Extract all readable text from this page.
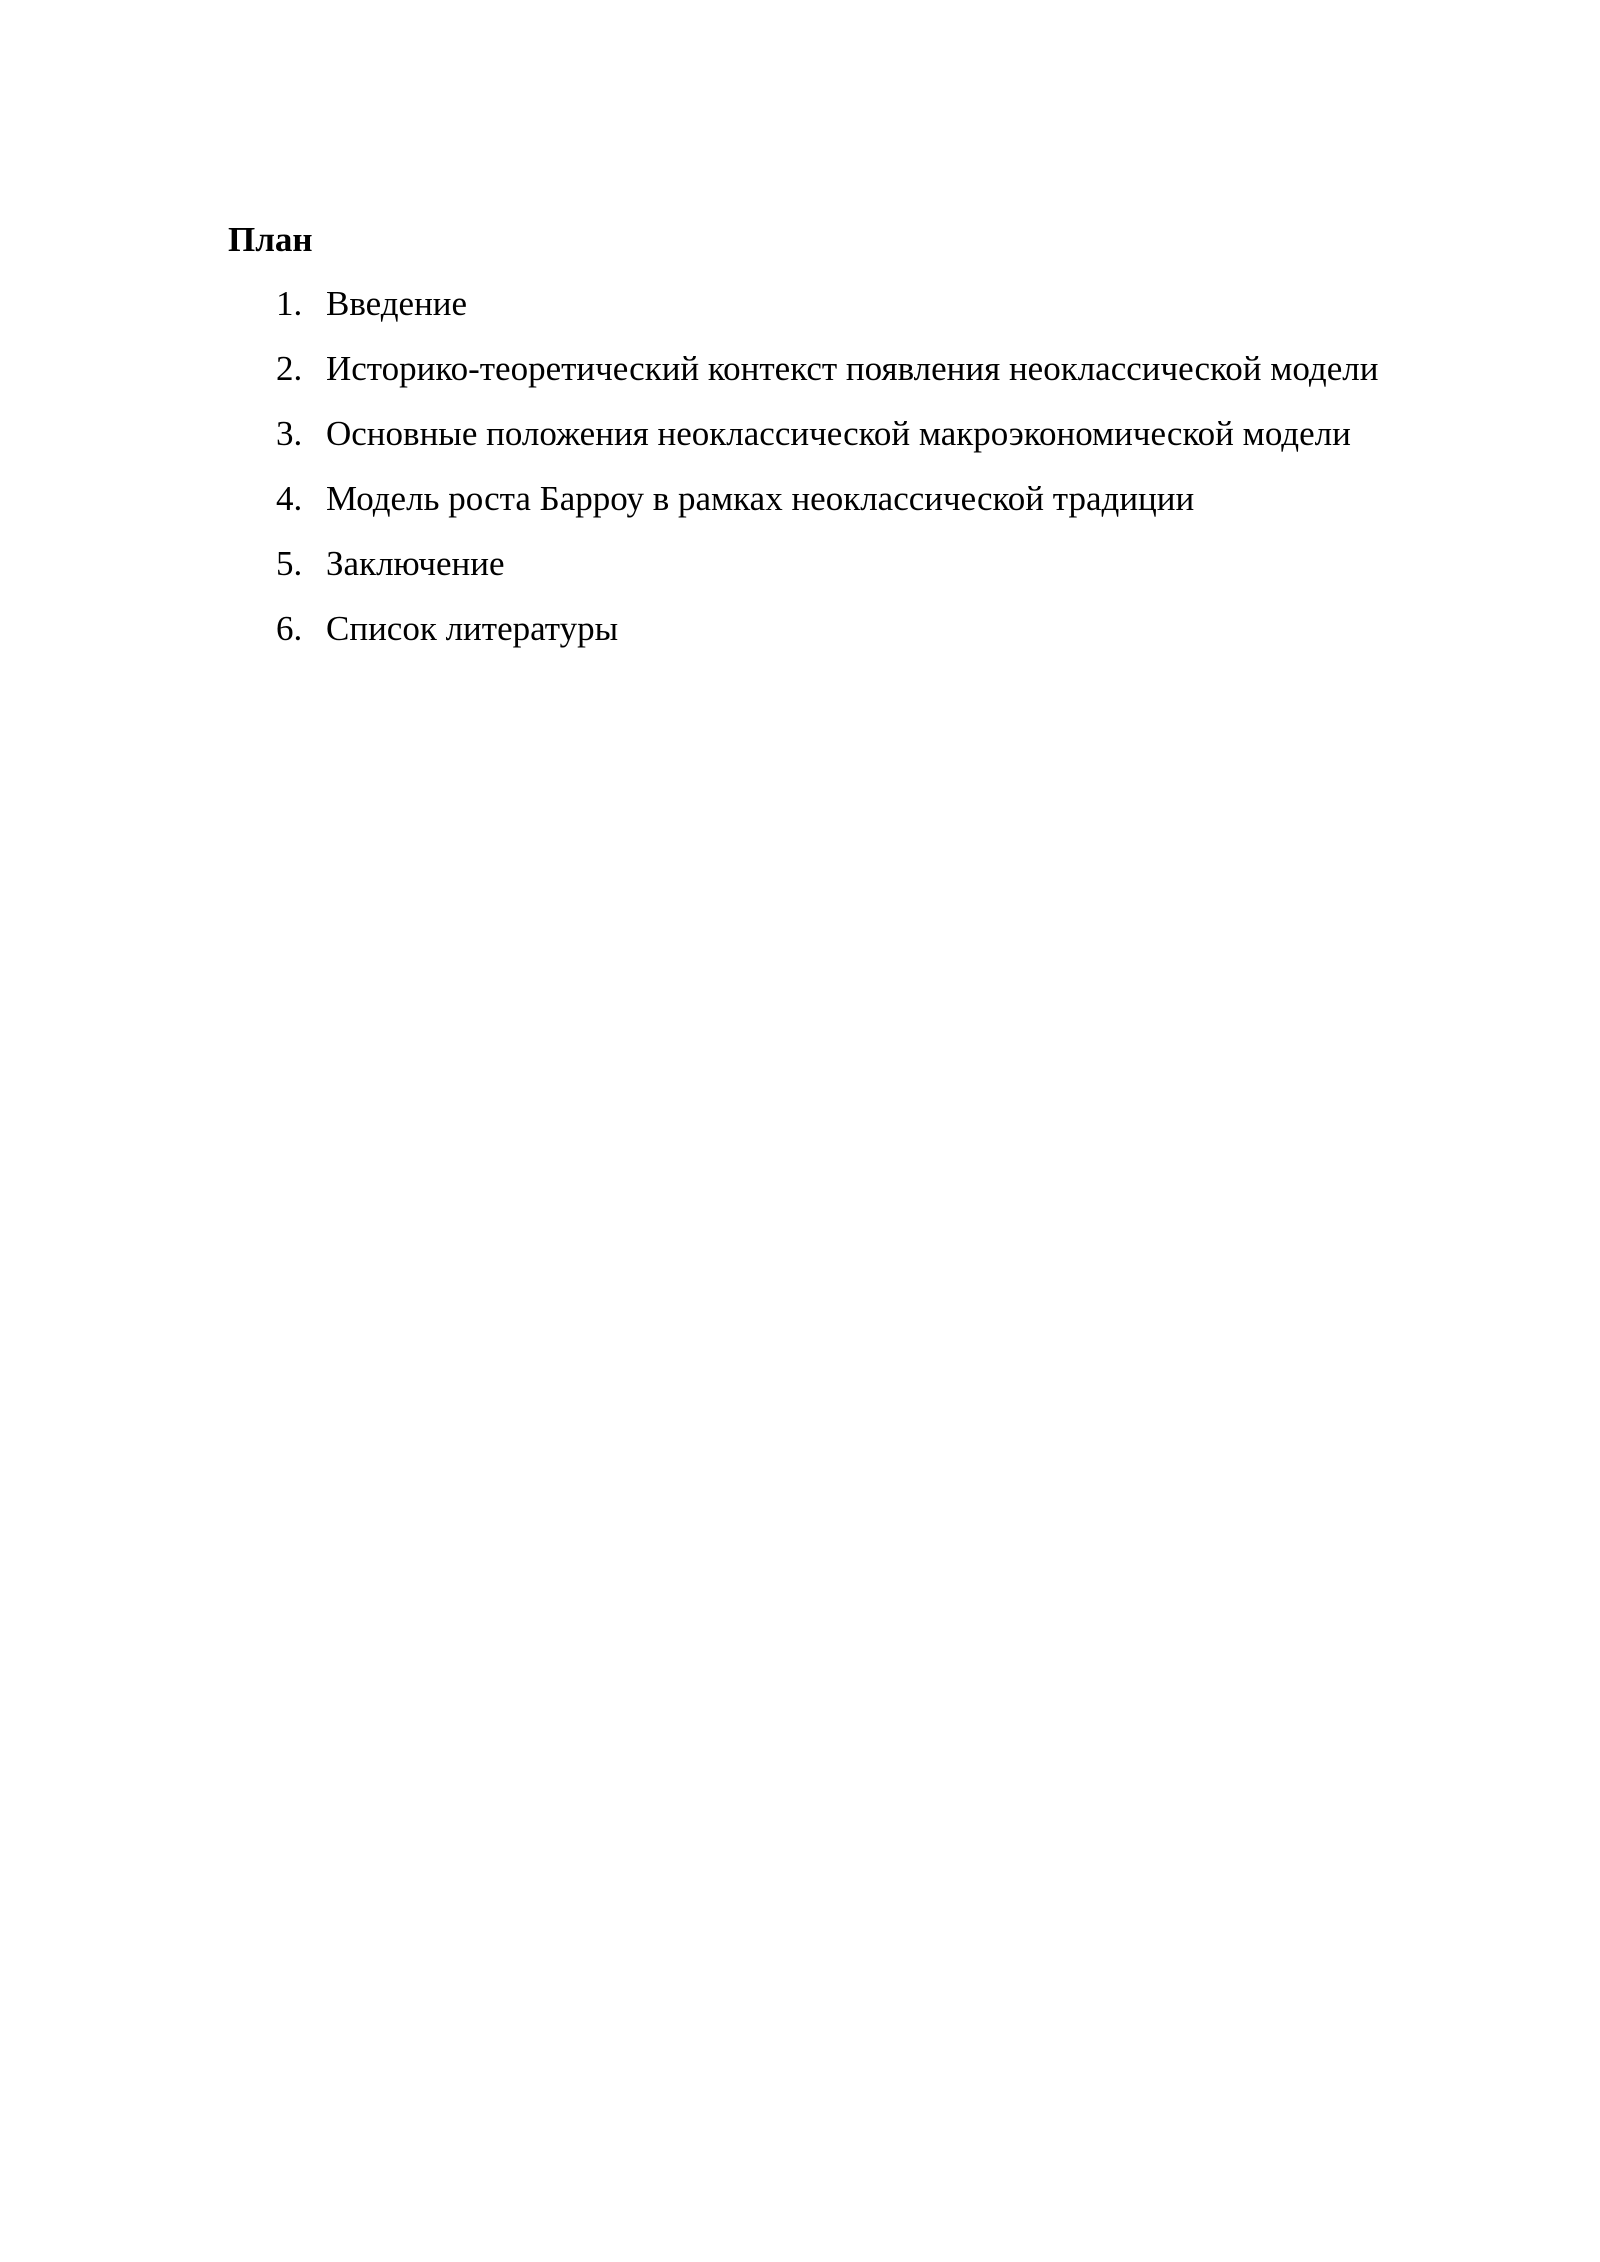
План
1. Введение
2. Историко-теоретический контекст появления неоклассической модели
3. Основные положения неоклассической макроэкономической модели
4. Модель роста Барроу в рамках неоклассической традиции
5. Заключение
6. Список литературы
